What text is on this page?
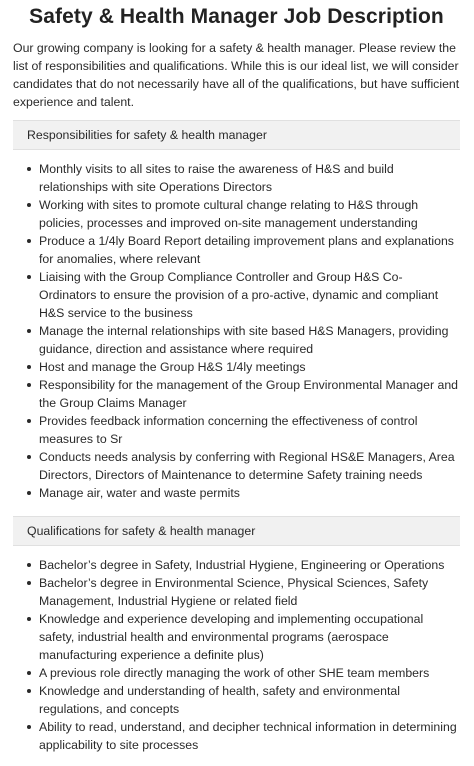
Safety & Health Manager Job Description

Our growing company is looking for a safety & health manager. Please review the list of responsibilities and qualifications. While this is our ideal list, we will consider candidates that do not necessarily have all of the qualifications, but have sufficient experience and talent.

Responsibilities for safety & health manager
Monthly visits to all sites to raise the awareness of H&S and build relationships with site Operations Directors
Working with sites to promote cultural change relating to H&S through policies, processes and improved on-site management understanding
Produce a 1/4ly Board Report detailing improvement plans and explanations for anomalies, where relevant
Liaising with the Group Compliance Controller and Group H&S Co-Ordinators to ensure the provision of a pro-active, dynamic and compliant H&S service to the business
Manage the internal relationships with site based H&S Managers, providing guidance, direction and assistance where required
Host and manage the Group H&S 1/4ly meetings
Responsibility for the management of the Group Environmental Manager and the Group Claims Manager
Provides feedback information concerning the effectiveness of control measures to Sr
Conducts needs analysis by conferring with Regional HS&E Managers, Area Directors, Directors of Maintenance to determine Safety training needs
Manage air, water and waste permits
Qualifications for safety & health manager
Bachelor’s degree in Safety, Industrial Hygiene, Engineering or Operations
Bachelor’s degree in Environmental Science, Physical Sciences, Safety Management, Industrial Hygiene or related field
Knowledge and experience developing and implementing occupational safety, industrial health and environmental programs (aerospace manufacturing experience a definite plus)
A previous role directly managing the work of other SHE team members
Knowledge and understanding of health, safety and environmental regulations, and concepts
Ability to read, understand, and decipher technical information in determining applicability to site processes
